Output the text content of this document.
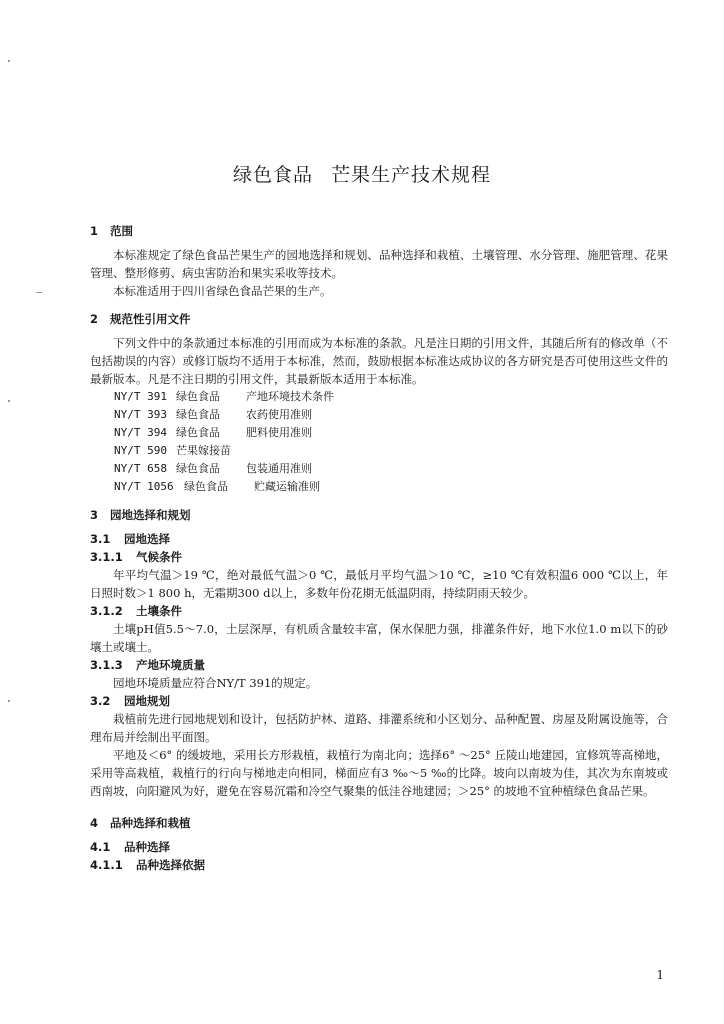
绿色食品 芒果生产技术规程
1 范围

本标准规定了绿色食品芒果生产的园地选择和规划、品种选择和栽植、土壤管理、水分管理、施肥管理、花果管理、整形修剪、病虫害防治和果实采收等技术。

本标准适用于四川省绿色食品芒果的生产。

2 规范性引用文件

下列文件中的条款通过本标准的引用而成为本标准的条款。凡是注日期的引用文件，其随后所有的修改单（不包括勘误的内容）或修订版均不适用于本标准，然而，鼓励根据本标准达成协议的各方研究是否可使用这些文件的最新版本。凡是不注日期的引用文件，其最新版本适用于本标准。

NY/T 391 绿色食品 产地环境技术条件
NY/T 393 绿色食品 农药使用准则
NY/T 394 绿色食品 肥料使用准则
NY/T 590 芒果嫁接苗
NY/T 658 绿色食品 包装通用准则
NY/T 1056 绿色食品 贮藏运输准则
3 园地选择和规划
3.1 园地选择
3.1.1 气候条件

年平均气温＞19 ℃，绝对最低气温＞0 ℃，最低月平均气温＞10 ℃，≥10 ℃有效积温6 000 ℃以上，年日照时数＞1 800 h，无霜期300 d以上，多数年份花期无低温阴雨，持续阴雨天较少。

3.1.2 土壤条件

土壤pH值5.5～7.0，土层深厚，有机质含量较丰富，保水保肥力强，排灌条件好，地下水位1.0 m以下的砂壤土或壤土。

3.1.3 产地环境质量

园地环境质量应符合NY/T 391的规定。

3.2 园地规划

栽植前先进行园地规划和设计，包括防护林、道路、排灌系统和小区划分、品种配置、房屋及附属设施等，合理布局并绘制出平面图。

平地及＜6° 的缓坡地，采用长方形栽植，栽植行为南北向；选择6° ～25° 丘陵山地建园，宜修筑等高梯地，采用等高栽植，栽植行的行向与梯地走向相同，梯面应有3 ‰～5 ‰的比降。坡向以南坡为佳，其次为东南坡或西南坡，向阳避风为好，避免在容易沉霜和冷空气聚集的低洼谷地建园；＞25° 的坡地不宜种植绿色食品芒果。

4 品种选择和栽植
4.1 品种选择
4.1.1 品种选择依据
1
